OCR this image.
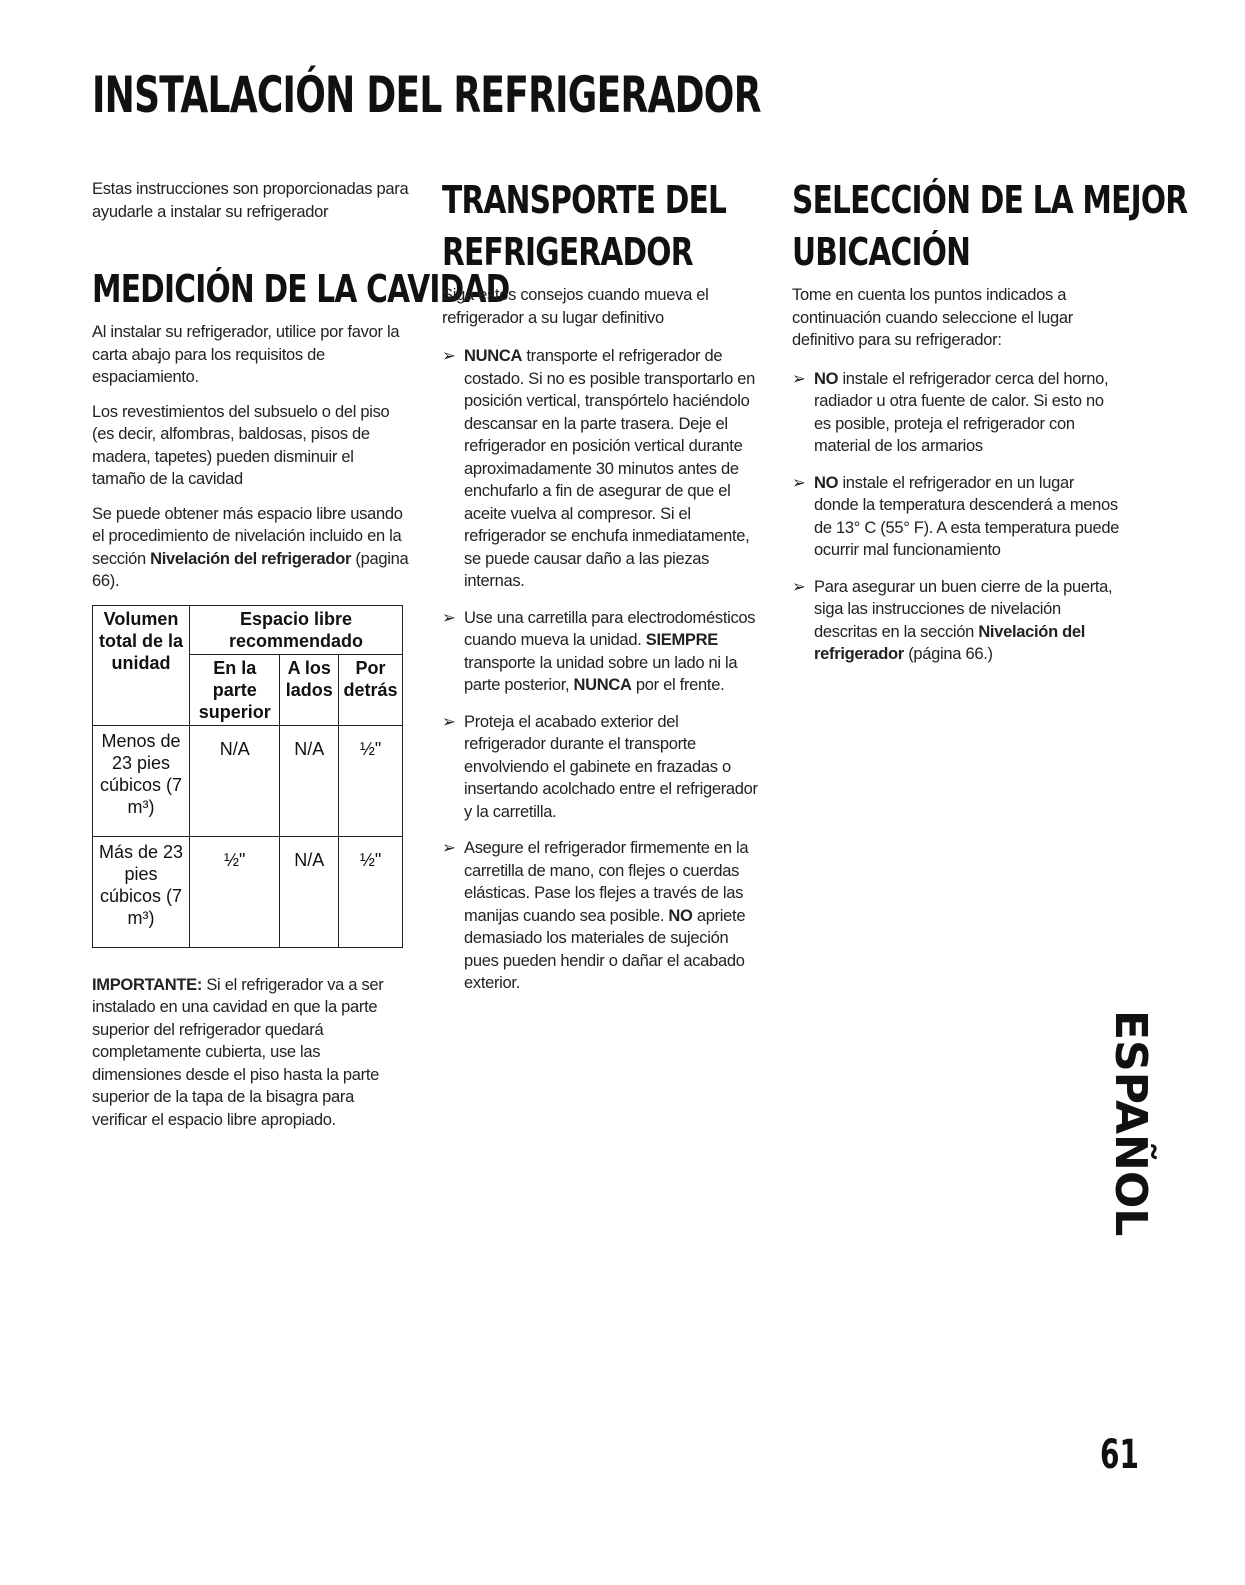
INSTALACIÓN DEL REFRIGERADOR

Estas instrucciones son proporcionadas para ayudarle a instalar su refrigerador

MEDICIÓN DE LA CAVIDAD

Al instalar su refrigerador, utilice por favor la carta abajo para los requisitos de espaciamiento.

Los revestimientos del subsuelo o del piso (es decir, alfombras, baldosas, pisos de madera, tapetes) pueden disminuir el tamaño de la cavidad

Se puede obtener más espacio libre usando el procedimiento de nivelación incluido en la sección Nivelación del refrigerador (pagina 66).

Volumen total de la unidad	Espacio libre recommendado		
	En la parte superior	A los lados	Por detrás
Menos de 23 pies cúbicos (7 m³)	N/A	N/A	½"
Más de 23 pies cúbicos (7 m³)	½"	N/A	½"

IMPORTANTE: Si el refrigerador va a ser instalado en una cavidad en que la parte superior del refrigerador quedará completamente cubierta, use las dimensiones desde el piso hasta la parte superior de la tapa de la bisagra para verificar el espacio libre apropiado.

TRANSPORTE DEL
REFRIGERADOR

Siga estos consejos cuando mueva el refrigerador a su lugar definitivo

➢ NUNCA transporte el refrigerador de costado. Si no es posible transportarlo en posición vertical, transpórtelo haciéndolo descansar en la parte trasera. Deje el refrigerador en posición vertical durante aproximadamente 30 minutos antes de enchufarlo a fin de asegurar de que el aceite vuelva al compresor. Si el refrigerador se enchufa inmediatamente, se puede causar daño a las piezas internas.
➢ Use una carretilla para electrodomésticos cuando mueva la unidad. SIEMPRE transporte la unidad sobre un lado ni la parte posterior, NUNCA por el frente.
➢ Proteja el acabado exterior del refrigerador durante el transporte envolviendo el gabinete en frazadas o insertando acolchado entre el refrigerador y la carretilla.
➢ Asegure el refrigerador firmemente en la carretilla de mano, con flejes o cuerdas elásticas. Pase los flejes a través de las manijas cuando sea posible. NO apriete demasiado los materiales de sujeción pues pueden hendir o dañar el acabado exterior.
SELECCIÓN DE LA MEJOR
UBICACIÓN

Tome en cuenta los puntos indicados a continuación cuando seleccione el lugar definitivo para su refrigerador:

➢ NO instale el refrigerador cerca del horno, radiador u otra fuente de calor. Si esto no es posible, proteja el refrigerador con material de los armarios
➢ NO instale el refrigerador en un lugar donde la temperatura descenderá a menos de 13° C (55° F). A esta temperatura puede ocurrir mal funcionamiento
➢ Para asegurar un buen cierre de la puerta, siga las instrucciones de nivelación descritas en la sección Nivelación del refrigerador (página 66.)
ESPAÑOL
61
